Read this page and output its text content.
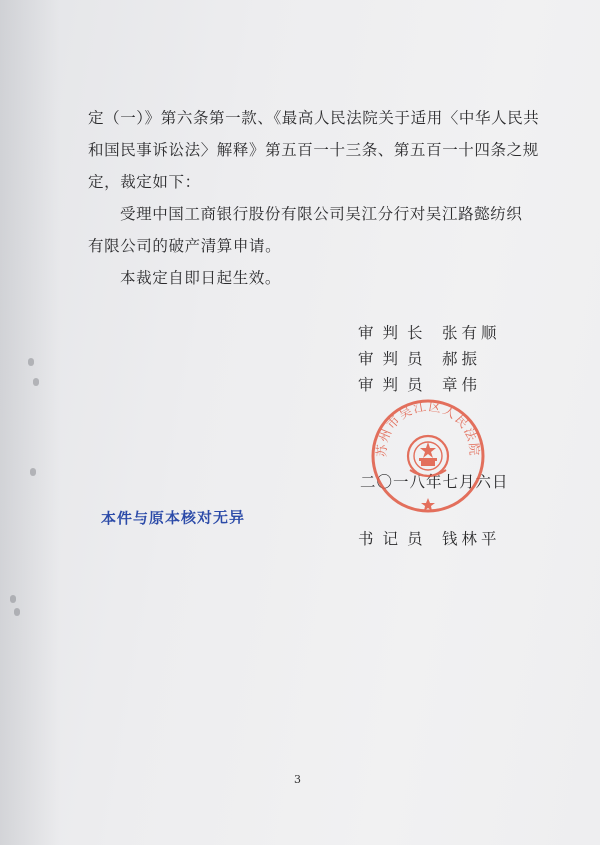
定（一）》第六条第一款、《最高人民法院关于适用〈中华人民共
和国民事诉讼法〉解释》第五百一十三条、第五百一十四条之规
定，裁定如下：
受理中国工商银行股份有限公司吴江分行对吴江路懿纺织
有限公司的破产清算申请。
本裁定自即日起生效。
审判长 张有顺
审判员 郝振
审判员 章伟
苏州市吴江区人民法院
二〇一八年七月六日
本件与原本核对无异
书记员 钱林平
3
